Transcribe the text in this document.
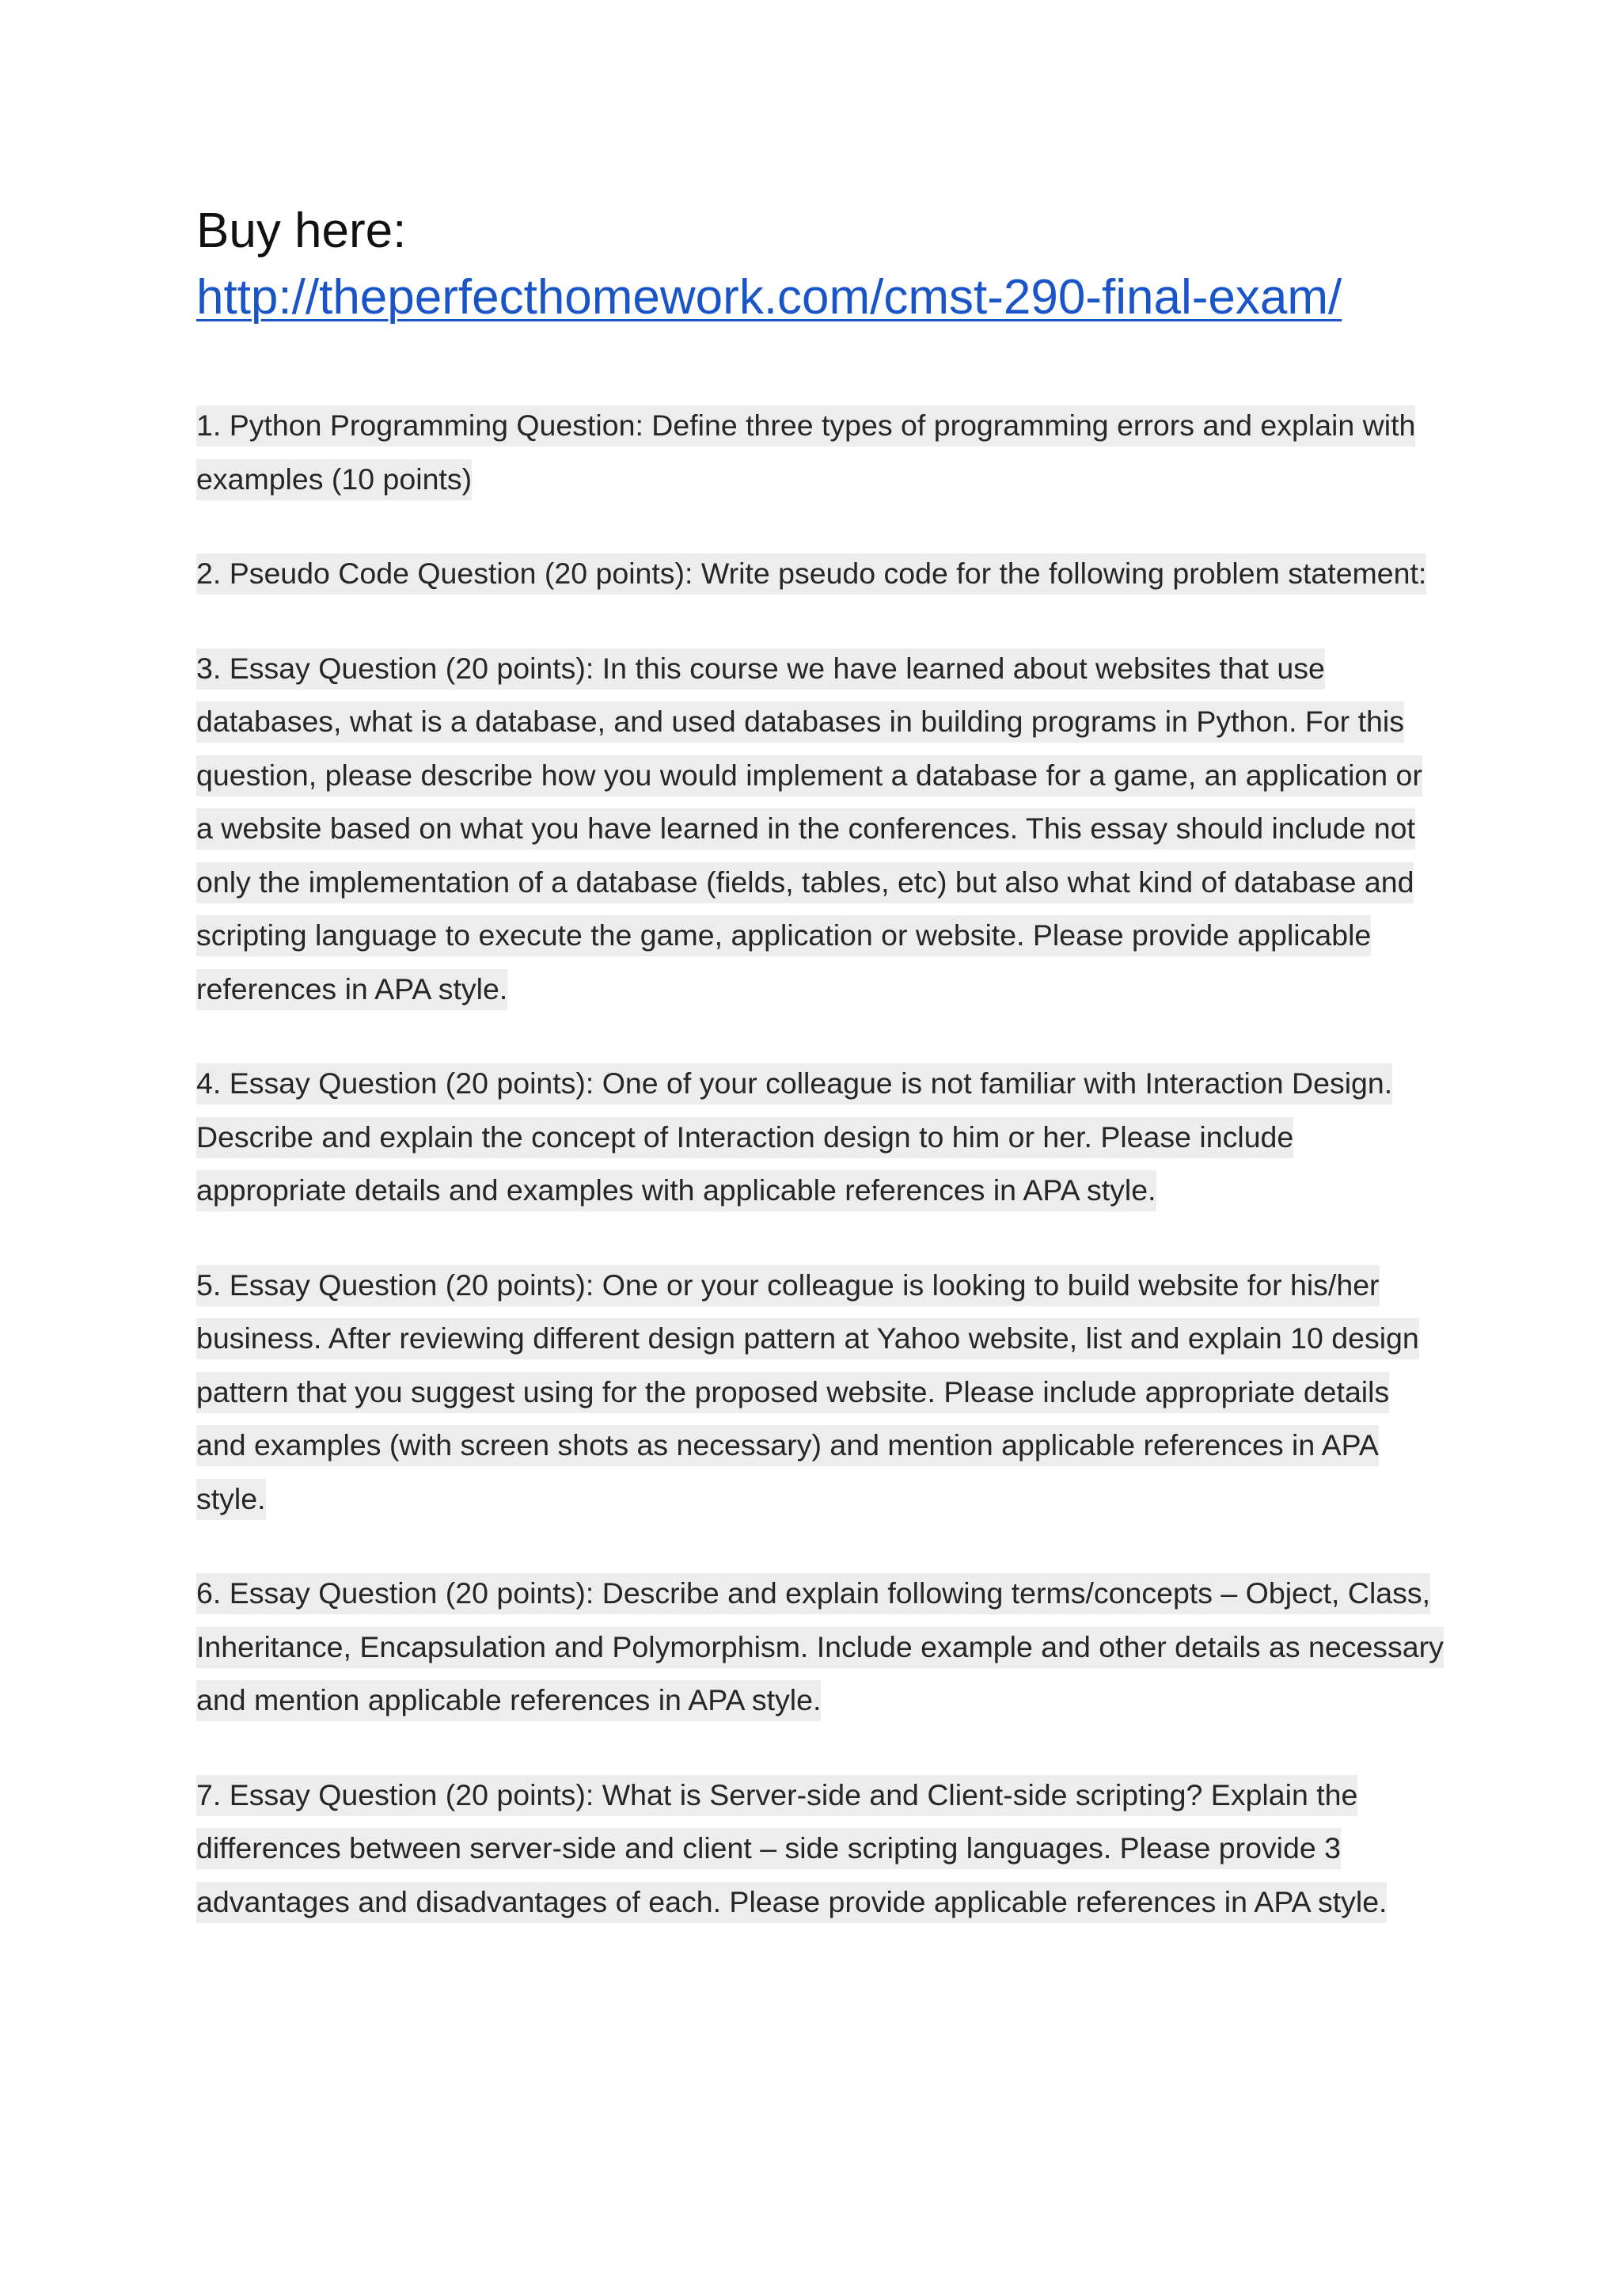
Buy here:
http://theperfecthomework.com/cmst-290-final-exam/

1. Python Programming Question: Define three types of programming errors and explain with examples (10 points)

2. Pseudo Code Question (20 points): Write pseudo code for the following problem statement:

3. Essay Question (20 points): In this course we have learned about websites that use databases, what is a database, and used databases in building programs in Python. For this question, please describe how you would implement a database for a game, an application or a website based on what you have learned in the conferences. This essay should include not only the implementation of a database (fields, tables, etc) but also what kind of database and scripting language to execute the game, application or website. Please provide applicable references in APA style.

4. Essay Question (20 points): One of your colleague is not familiar with Interaction Design. Describe and explain the concept of Interaction design to him or her. Please include appropriate details and examples with applicable references in APA style.

5. Essay Question (20 points): One or your colleague is looking to build website for his/her business. After reviewing different design pattern at Yahoo website, list and explain 10 design pattern that you suggest using for the proposed website. Please include appropriate details and examples (with screen shots as necessary) and mention applicable references in APA style.

6. Essay Question (20 points): Describe and explain following terms/concepts – Object, Class, Inheritance, Encapsulation and Polymorphism. Include example and other details as necessary and mention applicable references in APA style.

7. Essay Question (20 points): What is Server-side and Client-side scripting? Explain the differences between server-side and client – side scripting languages. Please provide 3 advantages and disadvantages of each. Please provide applicable references in APA style.
